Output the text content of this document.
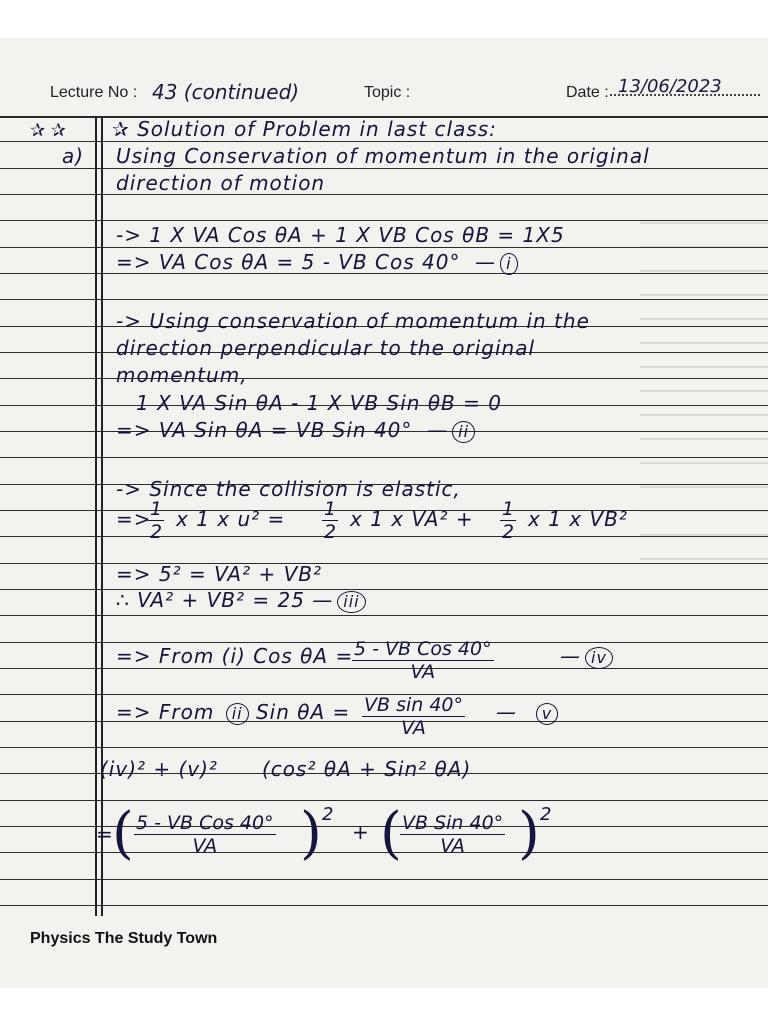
Lecture No : 43 (continued)	Topic :	Date : 13/06/2023
✰ ✰ ✰ Solution of Problem in last class:
a) Using Conservation of momentum in the original
direction of motion
-> 1 X VA Cos θA + 1 X VB Cos θB = 1X5
=> VA Cos θA = 5 - VB Cos 40°  — i
-> Using conservation of momentum in the
direction perpendicular to the original
momentum,
1 X VA Sin θA - 1 X VB Sin θB = 0
=> VA Sin θA = VB Sin 40°  — ii
-> Since the collision is elastic,
=>
$\frac{1}{2}$ x 1 x $u^2 = \frac{1}{2}$ x 1 x $VA^2 + \frac{1}{2}$ x 1 x VB²
=> 5² = VA² + VB²
∴ VA² + VB² = 25 — iii
=> From (i) Cos θA = 5 - VB Cos 40°
VA
— iv
=> From ii Sin $\theta A = \frac{\text{VB sin 40°}}{VA}$ —  v
(iv)² + (v)² (cos² θA + Sin² θA)
=
( 5 - VB Cos 40°
VA	) 2
+ ( VB Sin 40°
VA ) 2
Physics The Study Town
